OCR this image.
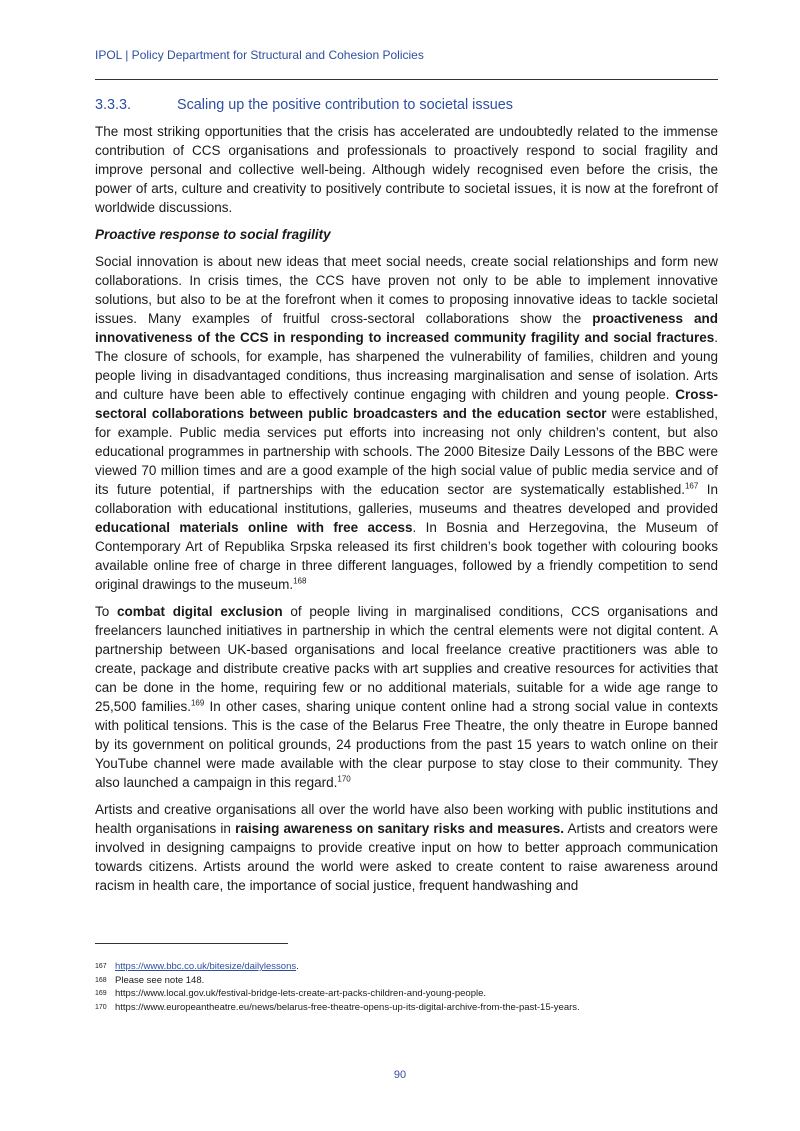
IPOL | Policy Department for Structural and Cohesion Policies
3.3.3.	Scaling up the positive contribution to societal issues

The most striking opportunities that the crisis has accelerated are undoubtedly related to the immense contribution of CCS organisations and professionals to proactively respond to social fragility and improve personal and collective well-being. Although widely recognised even before the crisis, the power of arts, culture and creativity to positively contribute to societal issues, it is now at the forefront of worldwide discussions.

Proactive response to social fragility

Social innovation is about new ideas that meet social needs, create social relationships and form new collaborations. In crisis times, the CCS have proven not only to be able to implement innovative solutions, but also to be at the forefront when it comes to proposing innovative ideas to tackle societal issues. Many examples of fruitful cross-sectoral collaborations show the proactiveness and innovativeness of the CCS in responding to increased community fragility and social fractures. The closure of schools, for example, has sharpened the vulnerability of families, children and young people living in disadvantaged conditions, thus increasing marginalisation and sense of isolation. Arts and culture have been able to effectively continue engaging with children and young people. Cross-sectoral collaborations between public broadcasters and the education sector were established, for example. Public media services put efforts into increasing not only children’s content, but also educational programmes in partnership with schools. The 2000 Bitesize Daily Lessons of the BBC were viewed 70 million times and are a good example of the high social value of public media service and of its future potential, if partnerships with the education sector are systematically established.$^{167}$ In collaboration with educational institutions, galleries, museums and theatres developed and provided educational materials online with free access. In Bosnia and Herzegovina, the Museum of Contemporary Art of Republika Srpska released its first children’s book together with colouring books available online free of charge in three different languages, followed by a friendly competition to send original drawings to the museum.$^{168}$

To combat digital exclusion of people living in marginalised conditions, CCS organisations and freelancers launched initiatives in partnership in which the central elements were not digital content. A partnership between UK-based organisations and local freelance creative practitioners was able to create, package and distribute creative packs with art supplies and creative resources for activities that can be done in the home, requiring few or no additional materials, suitable for a wide age range to 25,500 families.$^{169}$ In other cases, sharing unique content online had a strong social value in contexts with political tensions. This is the case of the Belarus Free Theatre, the only theatre in Europe banned by its government on political grounds, 24 productions from the past 15 years to watch online on their YouTube channel were made available with the clear purpose to stay close to their community. They also launched a campaign in this regard.$^{170}$

Artists and creative organisations all over the world have also been working with public institutions and health organisations in raising awareness on sanitary risks and measures. Artists and creators were involved in designing campaigns to provide creative input on how to better approach communication towards citizens. Artists around the world were asked to create content to raise awareness around racism in health care, the importance of social justice, frequent handwashing and

167 https://www.bbc.co.uk/bitesize/dailylessons.
168 Please see note 148.
169 https://www.local.gov.uk/festival-bridge-lets-create-art-packs-children-and-young-people.
170 https://www.europeantheatre.eu/news/belarus-free-theatre-opens-up-its-digital-archive-from-the-past-15-years.
90
